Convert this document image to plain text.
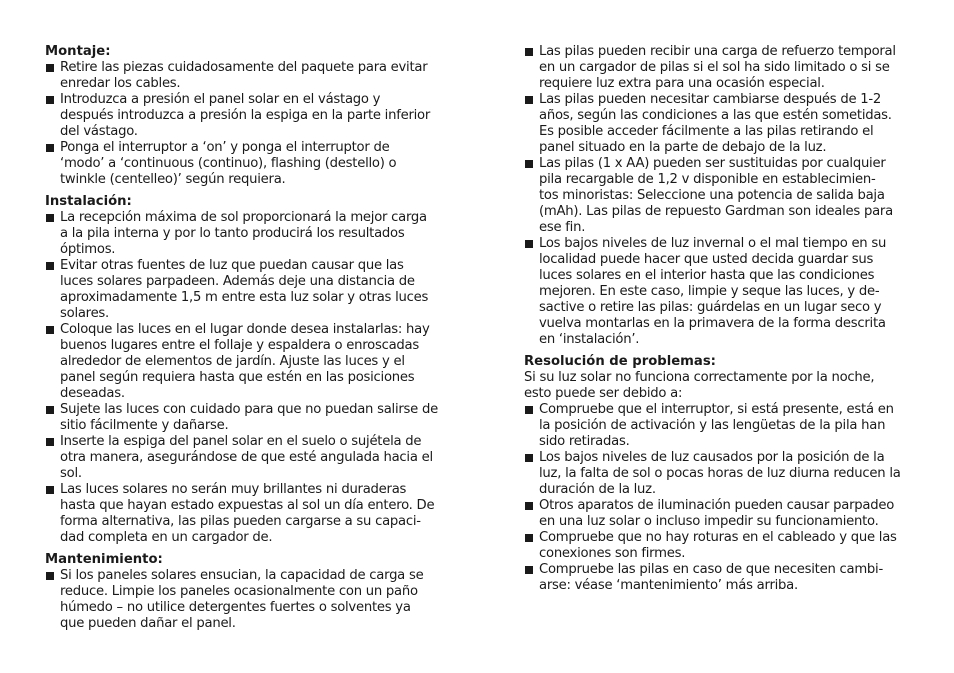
Montaje:
Retire las piezas cuidadosamente del paquete para evitar
enredar los cables.
Introduzca a presión el panel solar en el vástago y
después introduzca a presión la espiga en la parte inferior
del vástago.
Ponga el interruptor a ‘on’ y ponga el interruptor de
‘modo’ a ‘continuous (continuo), flashing (destello) o
twinkle (centelleo)’ según requiera.
Instalación:
La recepción máxima de sol proporcionará la mejor carga
a la pila interna y por lo tanto producirá los resultados
óptimos.
Evitar otras fuentes de luz que puedan causar que las
luces solares parpadeen. Además deje una distancia de
aproximadamente 1,5 m entre esta luz solar y otras luces
solares.
Coloque las luces en el lugar donde desea instalarlas: hay
buenos lugares entre el follaje y espaldera o enroscadas
alrededor de elementos de jardín. Ajuste las luces y el
panel según requiera hasta que estén en las posiciones
deseadas.
Sujete las luces con cuidado para que no puedan salirse de
sitio fácilmente y dañarse.
Inserte la espiga del panel solar en el suelo o sujétela de
otra manera, asegurándose de que esté angulada hacia el
sol.
Las luces solares no serán muy brillantes ni duraderas
hasta que hayan estado expuestas al sol un día entero. De
forma alternativa, las pilas pueden cargarse a su capaci-
dad completa en un cargador de.
Mantenimiento:
Si los paneles solares ensucian, la capacidad de carga se
reduce. Limpie los paneles ocasionalmente con un paño
húmedo – no utilice detergentes fuertes o solventes ya
que pueden dañar el panel.
Las pilas pueden recibir una carga de refuerzo temporal
en un cargador de pilas si el sol ha sido limitado o si se
requiere luz extra para una ocasión especial.
Las pilas pueden necesitar cambiarse después de 1-2
años, según las condiciones a las que estén sometidas.
Es posible acceder fácilmente a las pilas retirando el
panel situado en la parte de debajo de la luz.
Las pilas (1 x AA) pueden ser sustituidas por cualquier
pila recargable de 1,2 v disponible en establecimien-
tos minoristas: Seleccione una potencia de salida baja
(mAh). Las pilas de repuesto Gardman son ideales para
ese fin.
Los bajos niveles de luz invernal o el mal tiempo en su
localidad puede hacer que usted decida guardar sus
luces solares en el interior hasta que las condiciones
mejoren. En este caso, limpie y seque las luces, y de-
sactive o retire las pilas: guárdelas en un lugar seco y
vuelva montarlas en la primavera de la forma descrita
en ‘instalación’.
Resolución de problemas:

Si su luz solar no funciona correctamente por la noche,
esto puede ser debido a:

Compruebe que el interruptor, si está presente, está en
la posición de activación y las lengüetas de la pila han
sido retiradas.
Los bajos niveles de luz causados por la posición de la
luz, la falta de sol o pocas horas de luz diurna reducen la
duración de la luz.
Otros aparatos de iluminación pueden causar parpadeo
en una luz solar o incluso impedir su funcionamiento.
Compruebe que no hay roturas en el cableado y que las
conexiones son firmes.
Compruebe las pilas en caso de que necesiten cambi-
arse: véase ‘mantenimiento’ más arriba.
